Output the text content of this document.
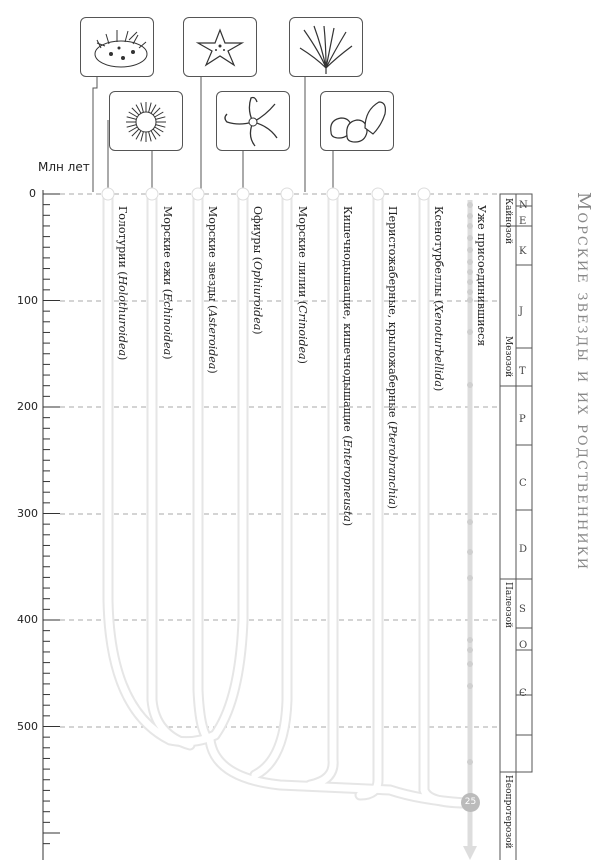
Млн лет
0
100
200
300
400
500
Голотурии (Holothuroidea)
Морские ежи (Echinoidea)
Морские звезды (Asteroidea)
Офиуры (Ophiuroidea)
Морские лилии (Crinoidea)	Кишечнодышащие, кишечнодышащие (Enteropneusta)
Перистожаберные, крыложаберные (Pterobranchia)
Ксенотурбеллы (Xenoturbellida)
Уже присоединившиеся
25
N
E
K
J
T
P
C
D
S
O
Є
Кайнозой
Мезозой
Палеозой
Неопротерозой
Морские звезды и их родственники
